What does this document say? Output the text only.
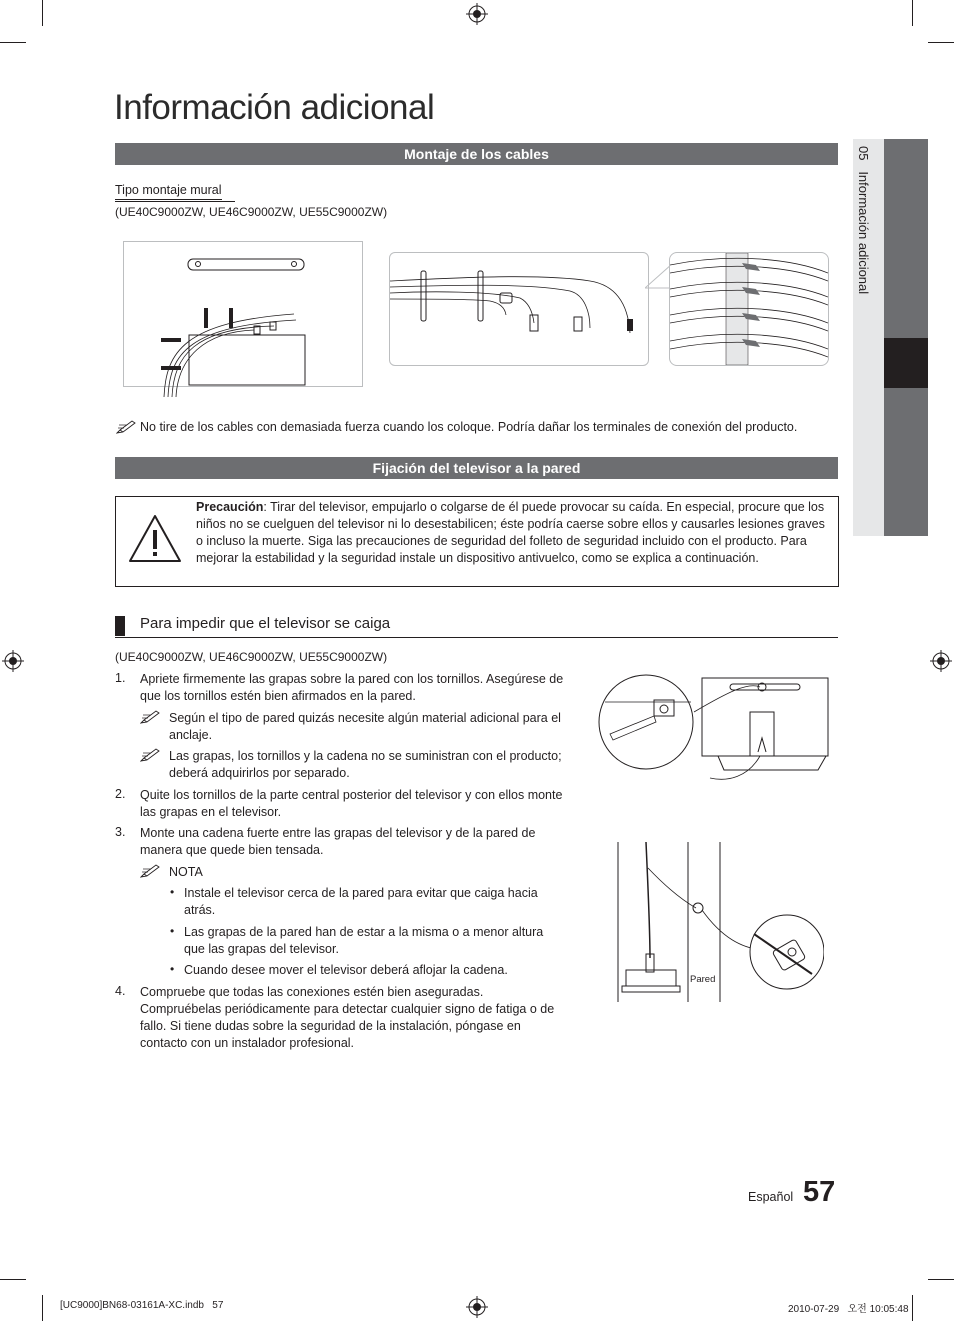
Información adicional
05   Información adicional
Montaje de los cables
Tipo montaje mural
(UE40C9000ZW, UE46C9000ZW, UE55C9000ZW)
No tire de los cables con demasiada fuerza cuando los coloque. Podría dañar los terminales de conexión del producto.
Fijación del televisor a la pared
Precaución: Tirar del televisor, empujarlo o colgarse de él puede provocar su caída. En especial, procure que los niños no se cuelguen del televisor ni lo desestabilicen; éste podría caerse sobre ellos y causarles lesiones graves o incluso la muerte. Siga las precauciones de seguridad del folleto de seguridad incluido con el producto. Para mejorar la estabilidad y la seguridad instale un dispositivo antivuelco, como se explica a continuación.
Para impedir que el televisor se caiga
(UE40C9000ZW, UE46C9000ZW, UE55C9000ZW)
1. Apriete firmemente las grapas sobre la pared con los tornillos. Asegúrese de que los tornillos estén bien afirmados en la pared.
Según el tipo de pared quizás necesite algún material adicional para el anclaje.
Las grapas, los tornillos y la cadena no se suministran con el producto; deberá adquirirlos por separado.
2. Quite los tornillos de la parte central posterior del televisor y con ellos monte las grapas en el televisor.
3. Monte una cadena fuerte entre las grapas del televisor y de la pared de manera que quede bien tensada.
NOTA
• Instale el televisor cerca de la pared para evitar que caiga hacia atrás.
• Las grapas de la pared han de estar a la misma o a menor altura que las grapas del televisor.
• Cuando desee mover el televisor deberá aflojar la cadena.
4. Compruebe que todas las conexiones estén bien aseguradas. Compruébelas periódicamente para detectar cualquier signo de fatiga o de fallo. Si tiene dudas sobre la seguridad de la instalación, póngase en contacto con un instalador profesional.
Pared
Español 57
[UC9000]BN68-03161A-XC.indb   57	2010-07-29   오전 10:05:48
